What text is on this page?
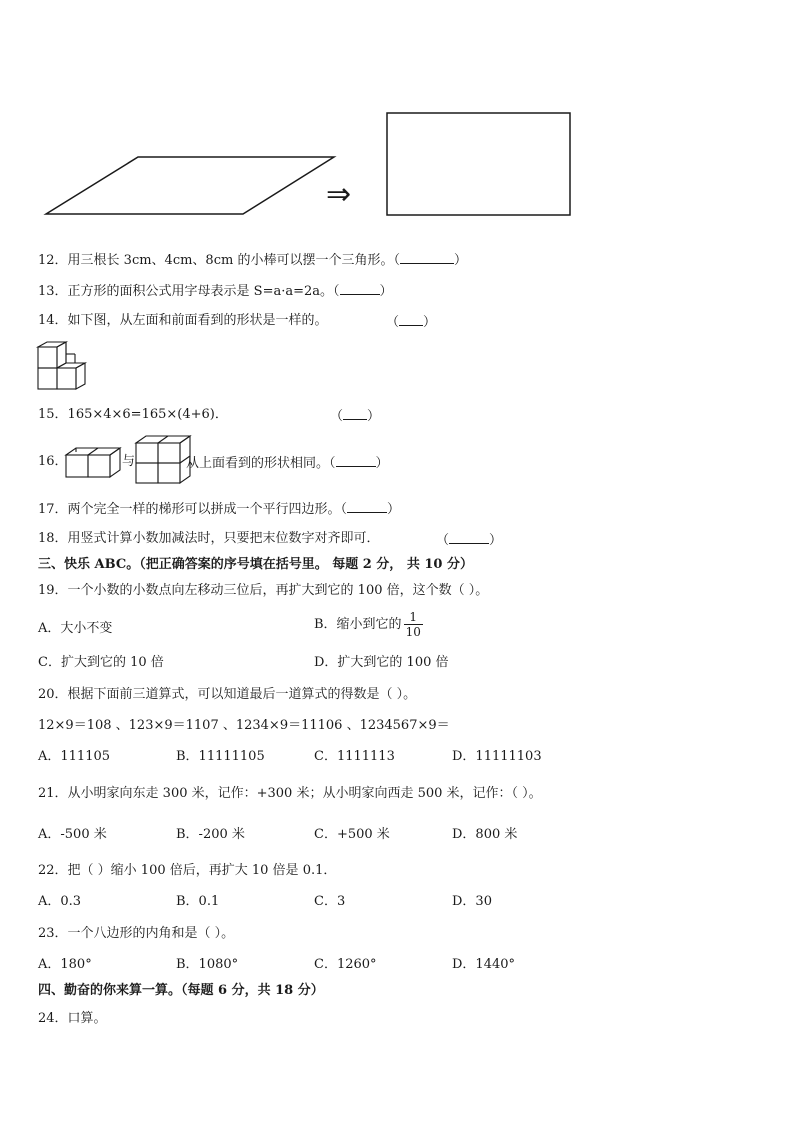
⇒
12．用三根长 3cm、4cm、8cm 的小棒可以摆一个三角形。（	）
13．正方形的面积公式用字母表示是 S=a·a=2a。（	）
14．如下图，从左面和前面看到的形状是一样的。	（ ）
15．165×4×6=165×(4+6)．	（ ）
16．	与	从上面看到的形状相同。（	）
17．两个完全一样的梯形可以拼成一个平行四边形。（	）
18．用竖式计算小数加减法时，只要把末位数字对齐即可．	（	）
三、快乐 ABC。（把正确答案的序号填在括号里。 每题 2 分， 共 10 分）
19．一个小数的小数点向左移动三位后，再扩大到它的 100 倍，这个数（ ）。
A．大小不变	B．缩小到它的 $\frac{1}{10}$
C．扩大到它的 10 倍	D．扩大到它的 100 倍
20．根据下面前三道算式，可以知道最后一道算式的得数是（ ）。
12×9＝108 、123×9＝1107 、1234×9＝11106 、1234567×9＝
A．111105	B．11111105	C．1111113	D．11111103
21．从小明家向东走 300 米，记作：+300 米；从小明家向西走 500 米，记作：（ ）。
A．-500 米	B．-200 米	C．+500 米	D．800 米
22．把（ ）缩小 100 倍后，再扩大 10 倍是 0.1．
A．0.3	B．0.1	C．3	D．30
23．一个八边形的内角和是（ ）。
A．180°	B．1080°	C．1260°	D．1440°
四、勤奋的你来算一算。（每题 6 分，共 18 分）
24．口算。
